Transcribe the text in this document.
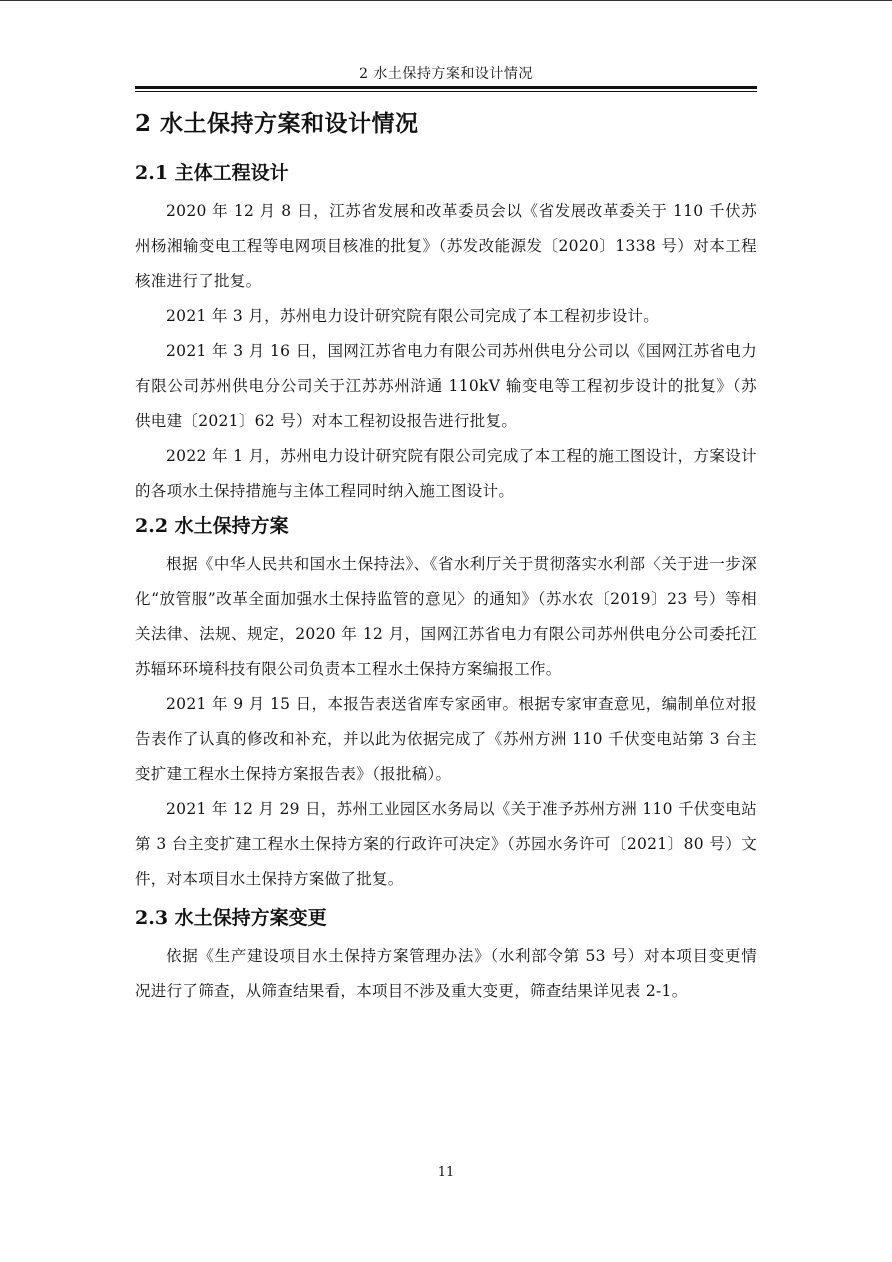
2 水土保持方案和设计情况
2 水土保持方案和设计情况
2.1 主体工程设计

2020 年 12 月 8 日，江苏省发展和改革委员会以《省发展改革委关于 110 千伏苏州杨湘输变电工程等电网项目核准的批复》（苏发改能源发〔2020〕1338 号）对本工程核准进行了批复。

2021 年 3 月，苏州电力设计研究院有限公司完成了本工程初步设计。

2021 年 3 月 16 日，国网江苏省电力有限公司苏州供电分公司以《国网江苏省电力有限公司苏州供电分公司关于江苏苏州浒通 110kV 输变电等工程初步设计的批复》（苏供电建〔2021〕62 号）对本工程初设报告进行批复。

2022 年 1 月，苏州电力设计研究院有限公司完成了本工程的施工图设计，方案设计的各项水土保持措施与主体工程同时纳入施工图设计。

2.2 水土保持方案

根据《中华人民共和国水土保持法》、《省水利厅关于贯彻落实水利部〈关于进一步深化“放管服”改革全面加强水土保持监管的意见〉的通知》（苏水农〔2019〕23 号）等相关法律、法规、规定，2020 年 12 月，国网江苏省电力有限公司苏州供电分公司委托江苏辐环环境科技有限公司负责本工程水土保持方案编报工作。

2021 年 9 月 15 日，本报告表送省库专家函审。根据专家审查意见，编制单位对报告表作了认真的修改和补充，并以此为依据完成了《苏州方洲 110 千伏变电站第 3 台主变扩建工程水土保持方案报告表》（报批稿）。

2021 年 12 月 29 日，苏州工业园区水务局以《关于准予苏州方洲 110 千伏变电站第 3 台主变扩建工程水土保持方案的行政许可决定》（苏园水务许可〔2021〕80 号）文件，对本项目水土保持方案做了批复。

2.3 水土保持方案变更

依据《生产建设项目水土保持方案管理办法》（水利部令第 53 号）对本项目变更情况进行了筛查，从筛查结果看，本项目不涉及重大变更，筛查结果详见表 2-1。

11
